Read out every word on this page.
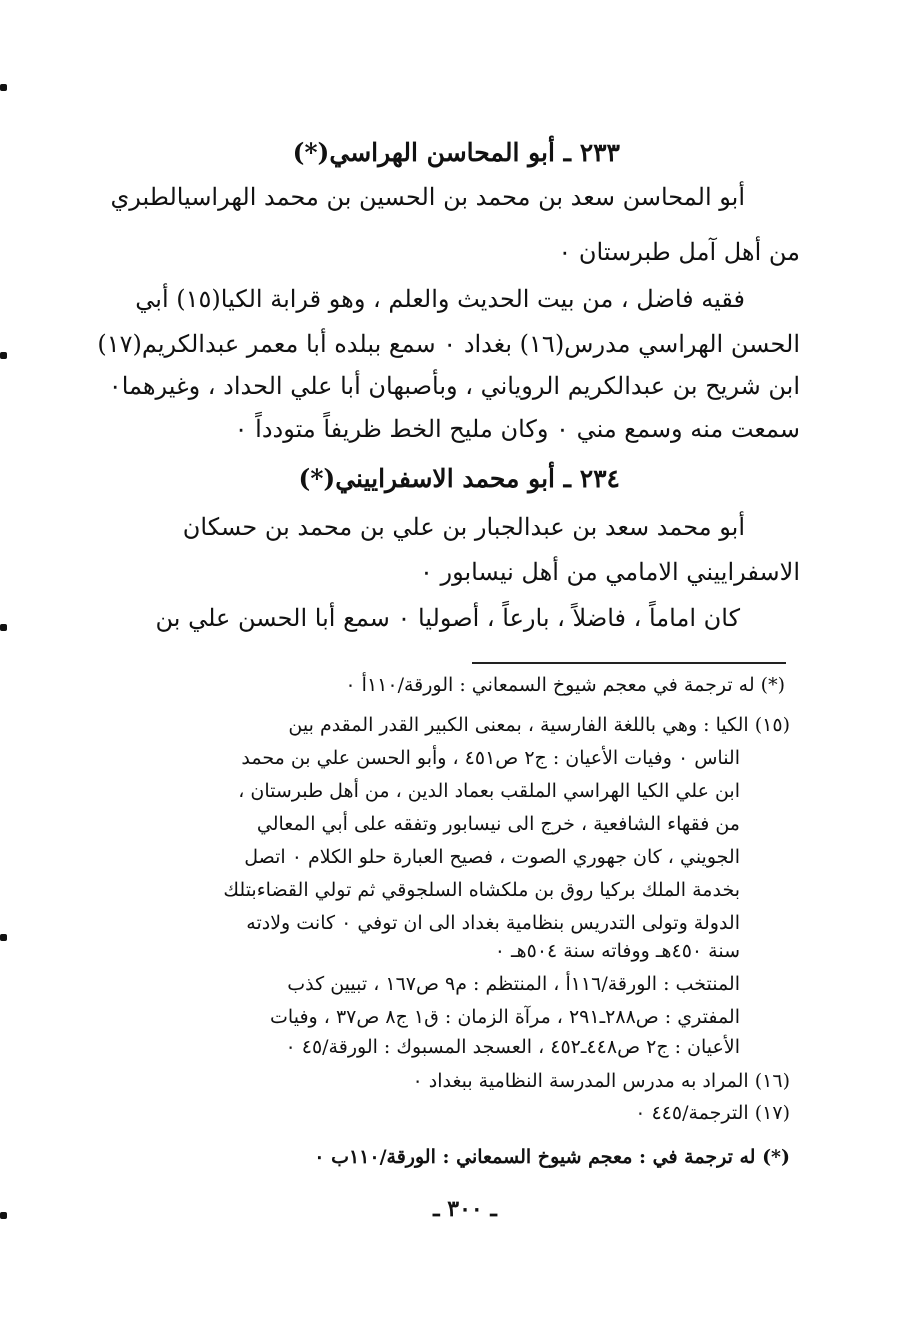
٢٣٣ ـ أبو المحاسن الهراسي(*)
أبو المحاسن سعد بن محمد بن الحسين بن محمد الهراسيالطبري
من أهل آمل طبرستان ٠
فقيه فاضل ، من بيت الحديث والعلم ، وهو قرابة الكيا(١٥) أبي
الحسن الهراسي مدرس(١٦) بغداد ٠ سمع ببلده أبا معمر عبدالكريم(١٧)
ابن شريح بن عبدالكريم الروياني ، وبأصبهان أبا علي الحداد ، وغيرهما٠
سمعت منه وسمع مني ٠ وكان مليح الخط ظريفاً متودداً ٠
٢٣٤ ـ أبو محمد الاسفراييني(*)
أبو محمد سعد بن عبدالجبار بن علي بن محمد بن حسكان
الاسفراييني الامامي من أهل نيسابور ٠
كان اماماً ، فاضلاً ، بارعاً ، أصوليا ٠ سمع أبا الحسن علي بن
(*) له ترجمة في معجم شيوخ السمعاني : الورقة/١١٠أ ٠
(١٥) الكيا : وهي باللغة الفارسية ، بمعنى الكبير القدر المقدم بين
الناس ٠ وفيات الأعيان : ج٢ ص٤٥١ ، وأبو الحسن علي بن محمد
ابن علي الكيا الهراسي الملقب بعماد الدين ، من أهل طبرستان ،
من فقهاء الشافعية ، خرج الى نيسابور وتفقه على أبي المعالي
الجويني ، كان جهوري الصوت ، فصيح العبارة حلو الكلام ٠ اتصل
بخدمة الملك بركيا روق بن ملكشاه السلجوقي ثم تولي القضاءبتلك
الدولة وتولى التدريس بنظامية بغداد الى ان توفي ٠ كانت ولادته
سنة ٤٥٠هـ ووفاته سنة ٥٠٤هـ ٠
المنتخب : الورقة/١١٦أ ، المنتظم : م٩ ص١٦٧ ، تبيين كذب
المفتري : ص٢٨٨ـ٢٩١ ، مرآة الزمان : ق١ ج٨ ص٣٧ ، وفيات
الأعيان : ج٢ ص٤٤٨ـ٤٥٢ ، العسجد المسبوك : الورقة/٤٥ ٠
(١٦) المراد به مدرس المدرسة النظامية ببغداد ٠
(١٧) الترجمة/٤٤٥ ٠
(*) له ترجمة في : معجم شيوخ السمعاني : الورقة/١١٠ب ٠
ـ ٣٠٠ ـ
